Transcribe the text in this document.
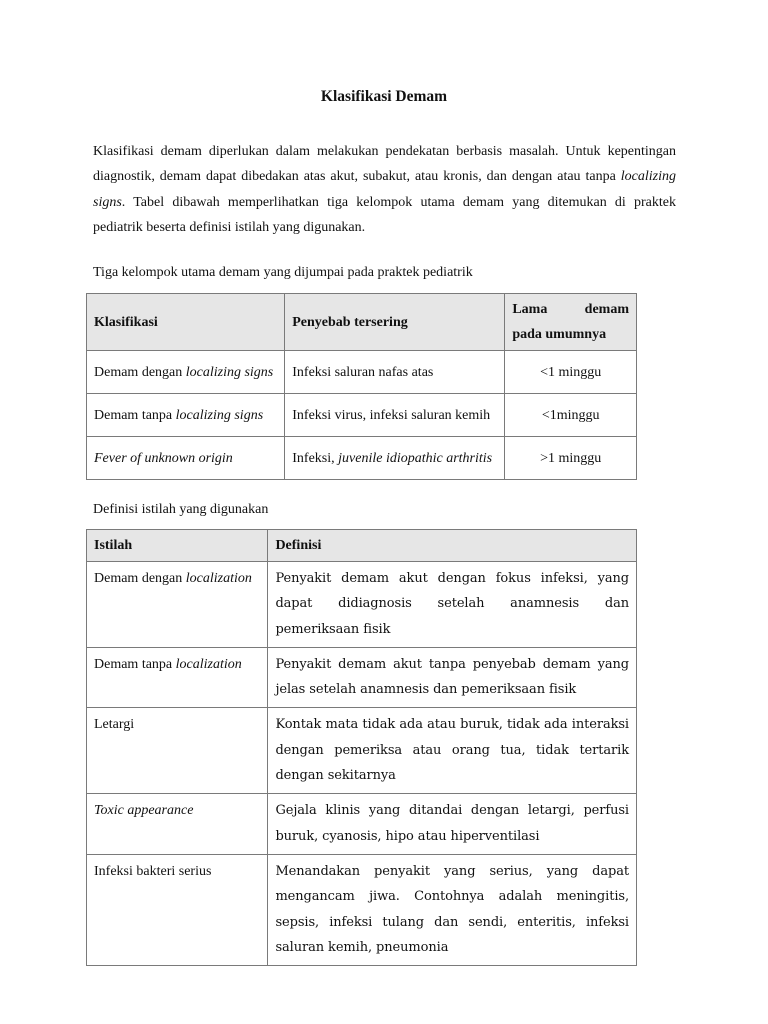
Klasifikasi Demam
Klasifikasi demam diperlukan dalam melakukan pendekatan berbasis masalah. Untuk kepentingan diagnostik, demam dapat dibedakan atas akut, subakut, atau kronis, dan dengan atau tanpa localizing signs. Tabel dibawah memperlihatkan tiga kelompok utama demam yang ditemukan di praktek pediatrik beserta definisi istilah yang digunakan.
Tiga kelompok utama demam yang dijumpai pada praktek pediatrik
Klasifikasi	Penyebab tersering	Lama demam
pada umumnya

Demam dengan localizing signs	Infeksi saluran nafas atas	<1 minggu
Demam tanpa localizing signs	Infeksi virus, infeksi saluran kemih	<1minggu
Fever of unknown origin	Infeksi, juvenile idiopathic arthritis	>1 minggu
Definisi istilah yang digunakan
Istilah	Definisi
Demam dengan localization	Penyakit demam akut dengan fokus infeksi, yang dapat didiagnosis setelah anamnesis dan pemeriksaan fisik
Demam tanpa localization	Penyakit demam akut tanpa penyebab demam yang jelas setelah anamnesis dan pemeriksaan fisik
Letargi	Kontak mata tidak ada atau buruk, tidak ada interaksi dengan pemeriksa atau orang tua, tidak tertarik dengan sekitarnya
Toxic appearance	Gejala klinis yang ditandai dengan letargi, perfusi buruk, cyanosis, hipo atau hiperventilasi
Infeksi bakteri serius	Menandakan penyakit yang serius, yang dapat mengancam jiwa. Contohnya adalah meningitis, sepsis, infeksi tulang dan sendi, enteritis, infeksi saluran kemih, pneumonia
